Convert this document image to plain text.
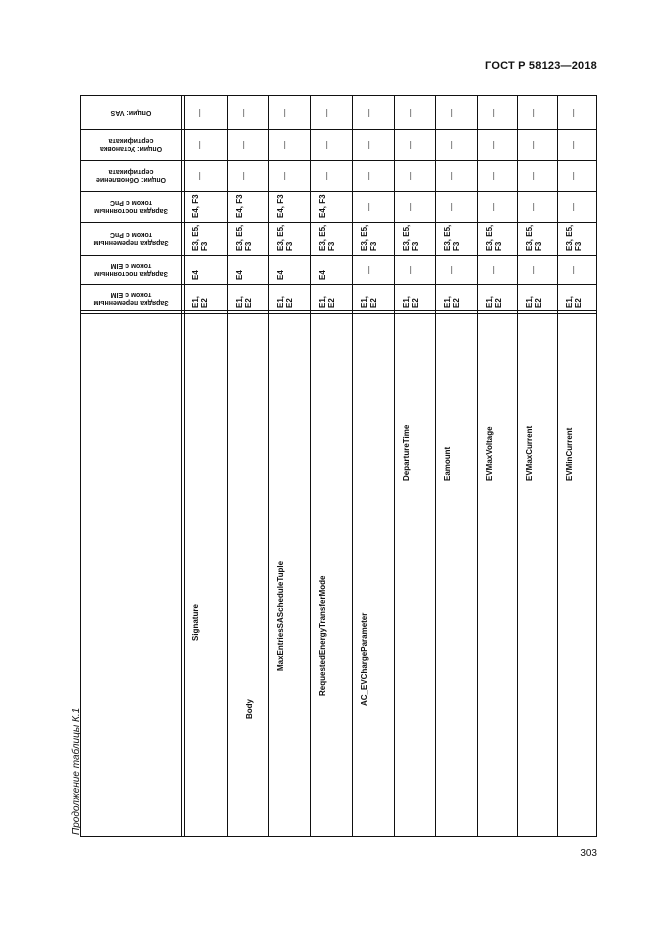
ГОСТ Р 58123—2018
Продолжение таблицы К.1
Опции: VAS
Опции: Установка сертификата
Опции: Обновление сертификата
Зарядка постоянным током с PnC
Зарядка переменным током с PnC
Зарядка постоянным током с EIM
Зарядка переменным током с EIM
Signature
—
—
—
E4, F3
E3, E5, F3
E4
E1, E2
Body
—
—
—
E4, F3
E3, E5, F3
E4
E1, E2
MaxEntriesSAScheduleTuple
—
—
—
E4, F3
E3, E5, F3
E4
E1, E2
RequestedEnergyTransferMode
—
—
—
E4, F3
E3, E5, F3
E4
E1, E2
AC_EVChargeParameter
—
—
—
—
E3, E5, F3
—
E1, E2
DepartureTime
—
—
—
—
E3, E5, F3
—
E1, E2
Eamount
—
—
—
—
E3, E5, F3
—
E1, E2
EVMaxVoltage
—
—
—
—
E3, E5, F3
—
E1, E2
EVMaxCurrent
—
—
—
—
E3, E5, F3
—
E1, E2
EVMinCurrent
—
—
—
—
E3, E5, F3
—
E1, E2
303
